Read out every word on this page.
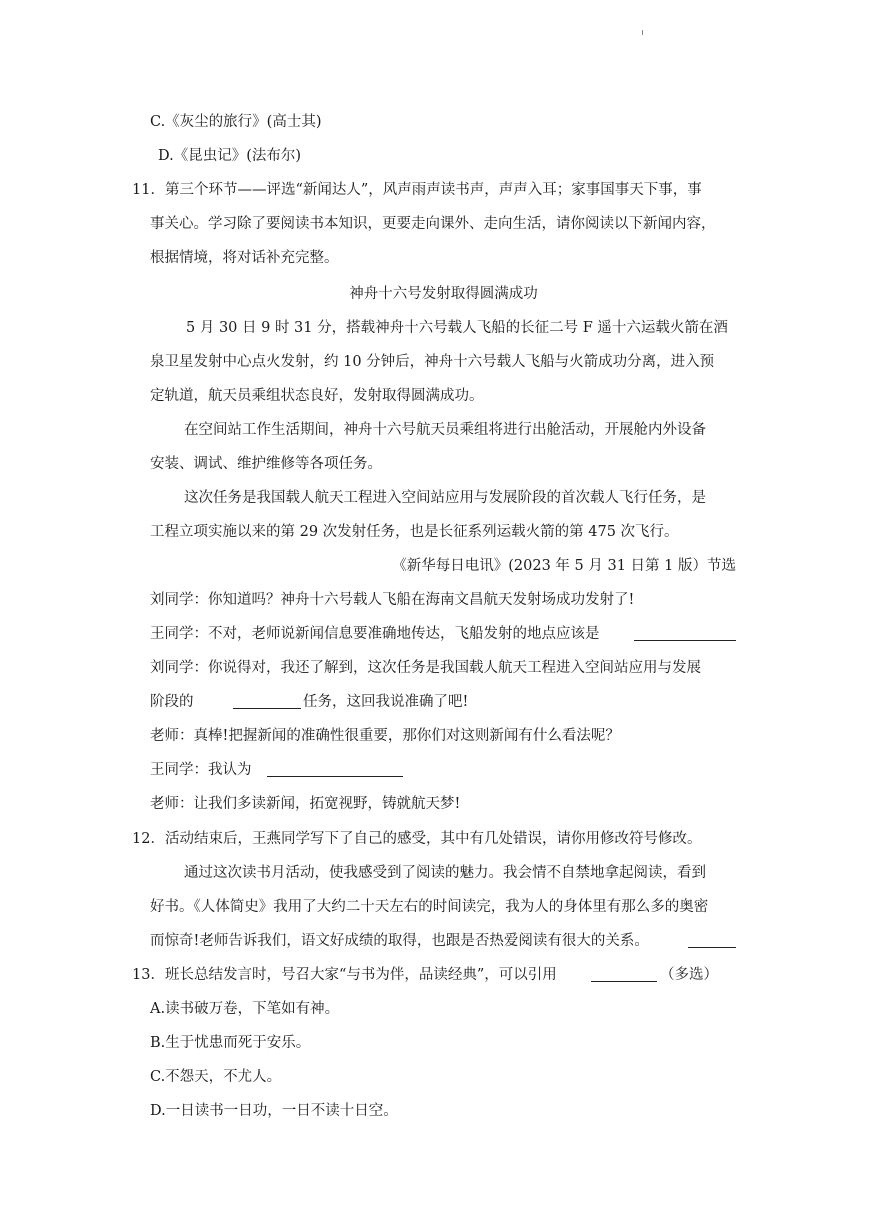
C.《灰尘的旅行》(高士其)
D.《昆虫记》(法布尔)
11．第三个环节——评选“新闻达人”，风声雨声读书声，声声入耳；家事国事天下事，事
事关心。学习除了要阅读书本知识，更要走向课外、走向生活，请你阅读以下新闻内容，
根据情境，将对话补充完整。
神舟十六号发射取得圆满成功
5 月 30 日 9 时 31 分，搭载神舟十六号载人飞船的长征二号 F 遥十六运载火箭在酒
泉卫星发射中心点火发射，约 10 分钟后，神舟十六号载人飞船与火箭成功分离，进入预
定轨道，航天员乘组状态良好，发射取得圆满成功。
在空间站工作生活期间，神舟十六号航天员乘组将进行出舱活动，开展舱内外设备
安装、调试、维护维修等各项任务。
这次任务是我国载人航天工程进入空间站应用与发展阶段的首次载人飞行任务，是
工程立项实施以来的第 29 次发射任务，也是长征系列运载火箭的第 475 次飞行。
《新华每日电讯》(2023 年 5 月 31 日第 1 版）节选
刘同学：你知道吗？神舟十六号载人飞船在海南文昌航天发射场成功发射了!
王同学：不对，老师说新闻信息要准确地传达，飞船发射的地点应该是
刘同学：你说得对，我还了解到，这次任务是我国载人航天工程进入空间站应用与发展
阶段的	任务，这回我说准确了吧!
老师：真棒!把握新闻的准确性很重要，那你们对这则新闻有什么看法呢？
王同学：我认为
老师：让我们多读新闻，拓宽视野，铸就航天梦!
12．活动结束后，王燕同学写下了自己的感受，其中有几处错误，请你用修改符号修改。
通过这次读书月活动，使我感受到了阅读的魅力。我会情不自禁地拿起阅读，看到
好书。《人体简史》我用了大约二十天左右的时间读完，我为人的身体里有那么多的奥密
而惊奇!老师告诉我们，语文好成绩的取得，也跟是否热爱阅读有很大的关系。
13．班长总结发言时，号召大家“与书为伴，品读经典”，可以引用	（多选）
A.读书破万卷，下笔如有神。
B.生于忧患而死于安乐。
C.不怨天，不尤人。
D.一日读书一日功，一日不读十日空。
